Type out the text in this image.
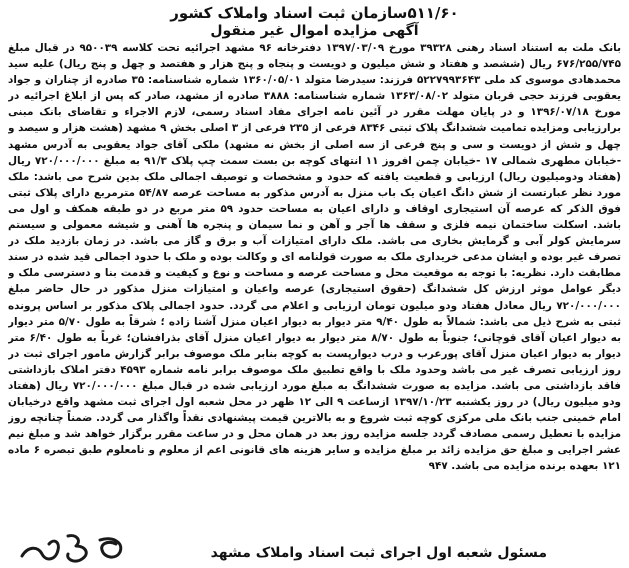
۵۱۱/۶۰سازمان ثبت اسناد واملاک کشور
آگهی مزایده اموال غیر منقول
بانک ملت به استناد اسناد رهنی ۳۹۳۲۸ مورخ ۱۳۹۷/۰۳/۰۹ دفترخانه ۹۶ مشهد اجرائیه تحت کلاسه ۹۵۰۰۳۹ در قبال مبلغ ۶۷۶/۲۵۵/۷۴۵ ریال (ششصد و هفتاد و شش میلیون و دویست و پنجاه و پنج هزار و هفتصد و چهل و پنج ریال) علیه سید محمدهادی موسوی کد ملی ۵۲۲۷۹۹۳۶۴۳ فرزند: سیدرضا متولد ۱۳۶۰/۰۵/۰۱ شماره شناسنامه: ۳۵ صادره از چناران و جواد یعقوبی فرزند حجی قربان متولد ۱۳۶۳/۰۸/۰۲ شماره شناسنامه: ۳۸۸۸ صادره از مشهد، صادر که پس از ابلاغ اجرائیه در مورخ ۱۳۹۶/۰۷/۱۸ و در پایان مهلت مقرر در آئین نامه اجرای مفاد اسناد رسمی، لازم الاجراء و تقاضای بانک مبنی برارزیابی ومزایده تمامیت ششدانگ پلاک ثبتی ۸۳۴۶ فرعی از ۲۳۵ فرعی از ۳ اصلی بخش ۹ مشهد (هشت هزار و سیصد و چهل و شش از دویست و سی و پنج فرعی از سه اصلی از بخش نه مشهد) ملکی آقای جواد یعقوبی به آدرس مشهد -خیابان مطهری شمالی ۱۷ -خیابان چمن افروز ۱۱ انتهای کوچه بن بست سمت چپ پلاک ۹۱/۳ به مبلغ ۷۲۰/۰۰۰/۰۰۰ ریال (هفتاد ودومیلیون ریال) ارزیابی و قطعیت یافته که حدود و مشخصات و توصیف اجمالی ملک بدین شرح می باشد: ملک مورد نظر عبارتست از شش دانگ اعیان یک باب منزل به آدرس مذکور به مساحت عرصه ۵۴/۸۷ مترمربع دارای پلاک ثبتی فوق الذکر که عرصه آن استیجاری اوقاف و دارای اعیان به مساحت حدود ۵۹ متر مربع در دو طبقه همکف و اول می باشد. اسکلت ساختمان نیمه فلزی و سقف ها آجر و آهن و نما سیمان و پنجره ها آهنی و شیشه معمولی و سیستم سرمایش کولر آبی و گرمایش بخاری می باشد. ملک دارای امتیازات آب و برق و گاز می باشد. در زمان بازدید ملک در تصرف غیر بوده و ایشان مدعی خریداری ملک به صورت قولنامه ای و وکالت بوده و ملک با حدود اجمالی قید شده در سند مطابقت دارد. نظریه: با توجه به موقعیت محل و مساحت عرصه و مساحت و نوع و کیفیت و قدمت بنا و دسترسی ملک و دیگر عوامل موثر ارزش کل ششدانگ (حقوق استیجاری) عرصه واعیان و امتیازات منزل مذکور در حال حاضر مبلغ ۷۲۰/۰۰۰/۰۰۰ ریال معادل هفتاد ودو میلیون تومان ارزیابی و اعلام می گردد. حدود اجمالی پلاک مذکور بر اساس پرونده ثبتی به شرح ذیل می باشد: شمالاً به طول ۹/۴۰ متر دیوار به دیوار اعیان منزل آشنا زاده ؛ شرقاً به طول ۵/۷۰ متر دیوار به دیوار اعیان آقای قوچانی؛ جنوباً به طول ۸/۷۰ متر دیوار به دیوار اعیان منزل آقای بذرافشان؛ غرباً به طول ۶/۴۰ متر دیوار به دیوار اعیان منزل آقای پورعرب و درب دیوارپست به کوچه بنابر ملک موصوف برابر گزارش مامور اجرای ثبت در روز ارزیابی تصرف غیر می باشد وحدود ملک با واقع تطبیق ملک موصوف برابر نامه شماره ۴۵۹۳ دفتر املاک بازداشتی فاقد بازداشتی می باشد. مزایده به صورت ششدانگ به مبلغ مورد ارزیابی شده در قبال مبلغ ۷۲۰/۰۰۰/۰۰۰ ریال (هفتاد ودو میلیون ریال) در روز یکشنبه ۱۳۹۷/۱۰/۲۳ ازساعت ۹ الی ۱۲ ظهر در محل شعبه اول اجرای ثبت مشهد واقع درخیابان امام خمینی جنب بانک ملی مرکزی کوچه ثبت شروع و به بالاترین قیمت پیشنهادی نقداً واگذار می گردد. ضمناً چنانچه روز مزایده با تعطیل رسمی مصادف گردد جلسه مزایده روز بعد در همان محل و در ساعت مقرر برگزار خواهد شد و مبلغ نیم عشر اجرایی و مبلغ حق مزایده زائد بر مبلغ مزایده و سایر هزینه های قانونی اعم از معلوم و نامعلوم طبق تبصره ۶ ماده ۱۲۱ بعهده برنده مزایده می باشد. ۹۴۷
مسئول شعبه اول اجرای ثبت اسناد واملاک مشهد
